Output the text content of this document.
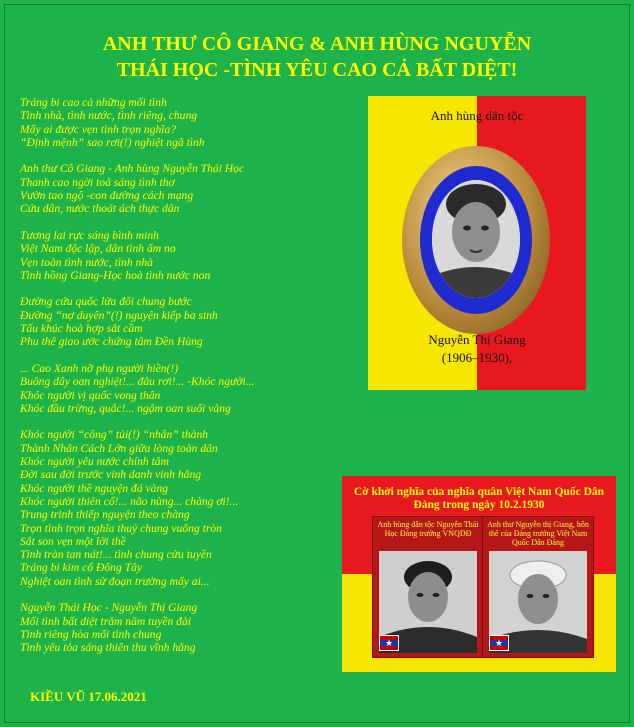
ANH THƯ CÔ GIANG & ANH HÙNG NGUYỄN
THÁI HỌC -TÌNH YÊU CAO CẢ BẤT DIỆT!
Tráng bi cao cả những mối tình
Tình nhà, tình nước, tình riêng, chung
Mấy ai được vẹn tình trọn nghĩa?
“Định mệnh” sao rơi(!) nghiệt ngã tình
Anh thư Cô Giang - Anh hùng Nguyễn Thái Học
Thanh cao ngời toả sáng tình thơ
Vườn tao ngộ -con đường cách mạng
Cứu dân, nước thoát ách thực dân
Tương lai rực sáng bình minh
Việt Nam độc lập, dân tình ấm no
Vẹn toàn tình nước, tình nhà
Tình hồng Giang-Học hoà tình nước non
Đường cứu quốc lửa đôi chung bước
Đường “nợ duyên”(!) nguyện kiếp ba sinh
Tấu khúc hoà hợp sắt cầm
Phu thê giao ước chứng tâm Đền Hùng
... Cao Xanh nỡ phụ người hiền(!)
Buông dây oan nghiệt!... đâu rơi!... -Khóc người...
Khóc người vị quốc vong thân
Khóc đầu trừng, quắc!... ngậm oan suối vàng
Khóc người “công” tủi(!) “nhân” thành
Thành Nhân Cách Lớn giữa lòng toàn dân
Khóc người yêu nước chính tâm
Đời sau đời trước vinh danh vinh hằng
Khóc người thề nguyện đá vàng
Khóc người thiên cổ!... não nùng... chàng ơi!...
Trung trinh thiếp nguyện theo chàng
Trọn tình trọn nghĩa thuỷ chung vuông tròn
Sắt son vẹn một lời thề
Tình tràn tan nát!... tình chung cửu tuyền
Tráng bi kim cổ Đông Tây
Nghiệt oan tình sử đoạn trường mấy ai...
Nguyễn Thái Học - Nguyễn Thị Giang
Mối tình bất diệt trăm năm tuyền đài
Tình riêng hòa mối tình chung
Tình yêu tỏa sáng thiên thu vĩnh hằng
KIỀU VŨ 17.06.2021
Anh hùng dân tộc
Nguyễn Thị Giang
(1906–1930),
Cờ khởi nghĩa của nghĩa quân Việt Nam Quốc Dân Đảng trong ngày 10.2.1930
Anh hùng dân tộc Nguyễn Thái Học Đảng trưởng VNQDĐ
★
Anh thư Nguyễn thị Giang, hôn thê của Đảng trưởng Việt Nam Quốc Dân Đảng
★
